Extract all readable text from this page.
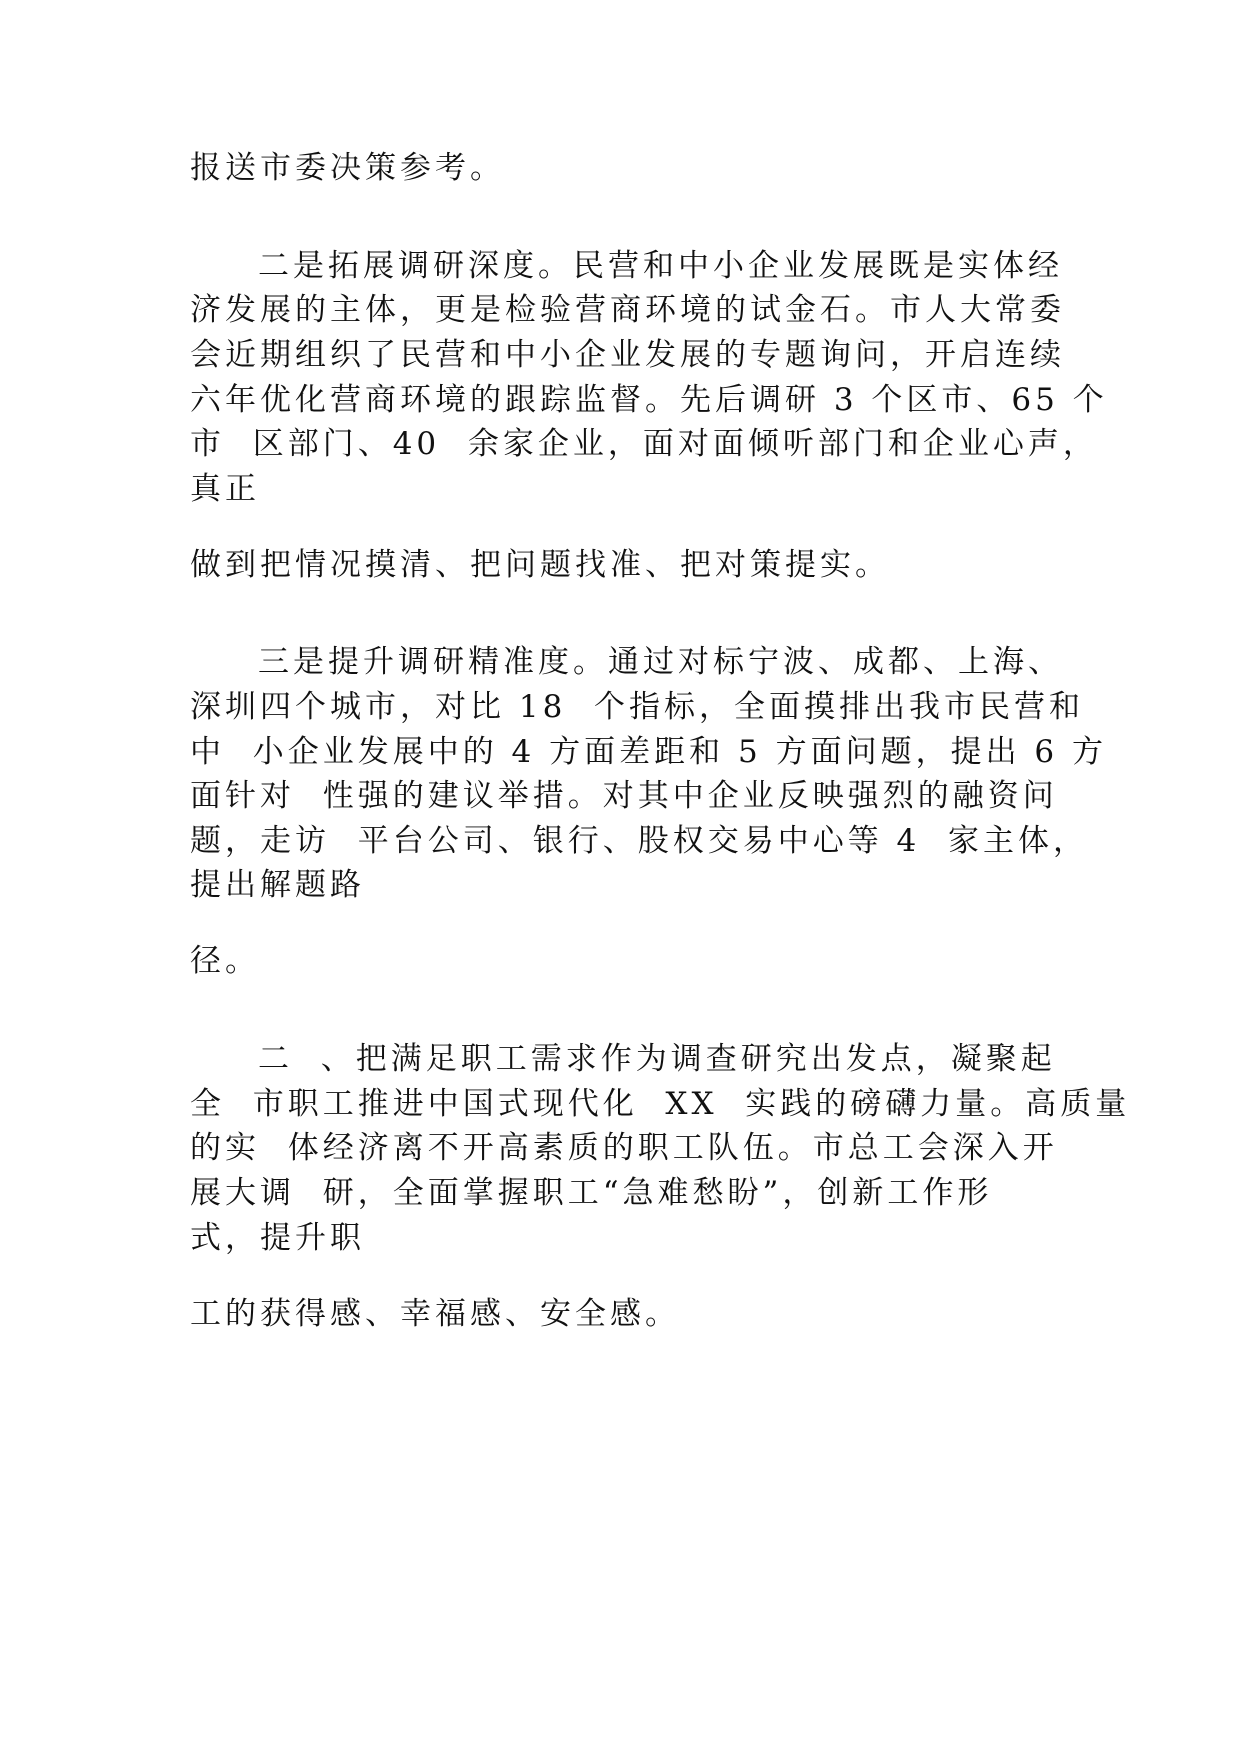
报送市委决策参考。
二是拓展调研深度。民营和中小企业发展既是实体经
济发展的主体，更是检验营商环境的试金石。市人大常委
会近期组织了民营和中小企业发展的专题询问，开启连续
六年优化营商环境的跟踪监督。先后调研 3 个区市、65 个
市  区部门、40  余家企业，面对面倾听部门和企业心声，
真正
做到把情况摸清、把问题找准、把对策提实。
三是提升调研精准度。通过对标宁波、成都、上海、
深圳四个城市，对比 18  个指标，全面摸排出我市民营和
中  小企业发展中的 4 方面差距和 5 方面问题，提出 6 方
面针对  性强的建议举措。对其中企业反映强烈的融资问
题，走访  平台公司、银行、股权交易中心等 4  家主体，
提出解题路
径。
二  、把满足职工需求作为调查研究出发点，凝聚起
全  市职工推进中国式现代化  XX  实践的磅礴力量。高质量
的实  体经济离不开高素质的职工队伍。市总工会深入开
展大调  研，全面掌握职工“急难愁盼”，创新工作形
式，提升职
工的获得感、幸福感、安全感。
